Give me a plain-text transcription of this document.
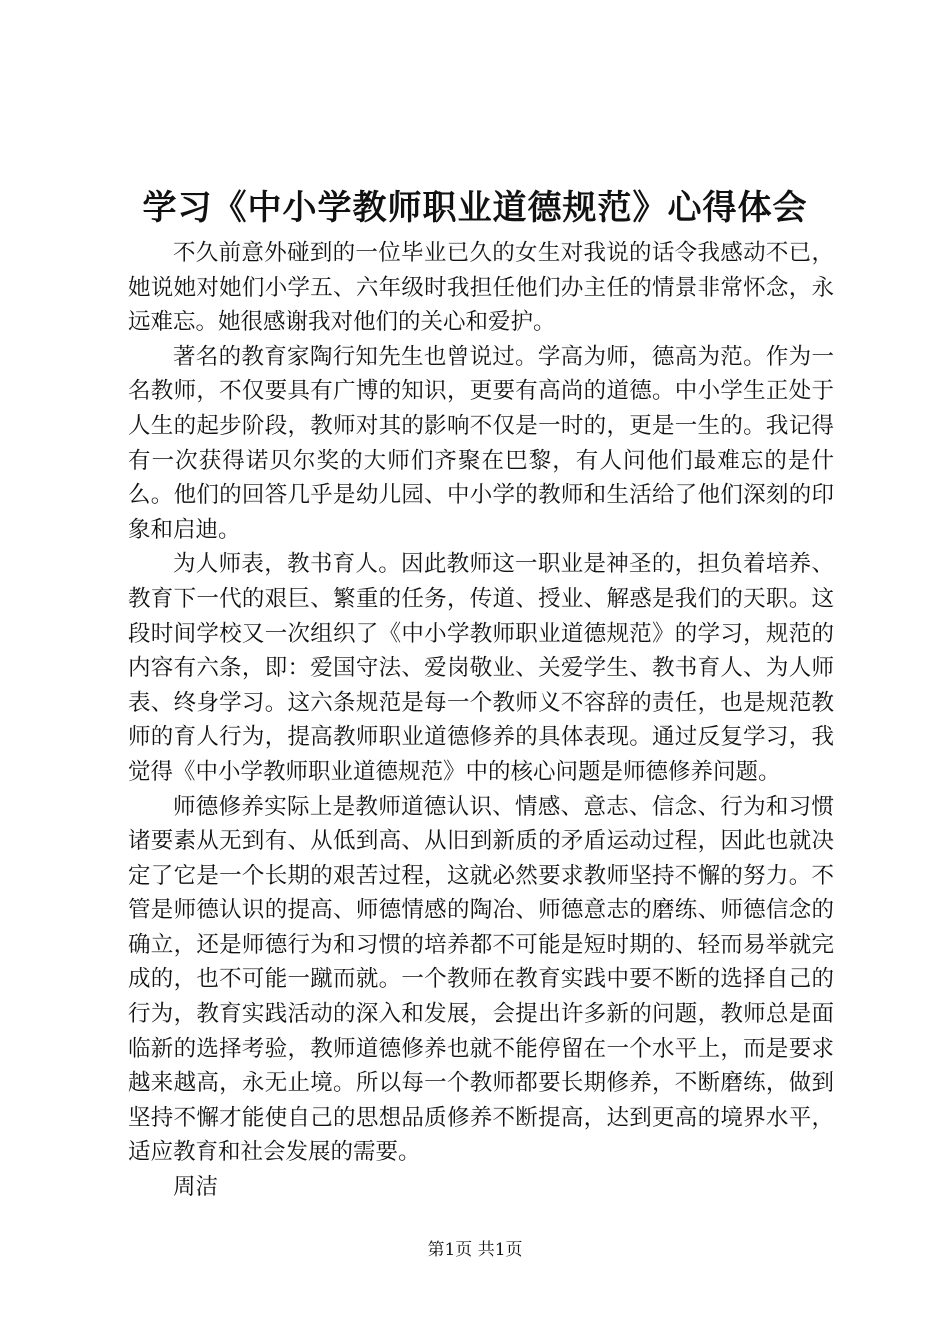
学习《中小学教师职业道德规范》心得体会

不久前意外碰到的一位毕业已久的女生对我说的话令我感动不已，她说她对她们小学五、六年级时我担任他们办主任的情景非常怀念，永远难忘。她很感谢我对他们的关心和爱护。

著名的教育家陶行知先生也曾说过。学高为师，德高为范。作为一名教师，不仅要具有广博的知识，更要有高尚的道德。中小学生正处于人生的起步阶段，教师对其的影响不仅是一时的，更是一生的。我记得有一次获得诺贝尔奖的大师们齐聚在巴黎，有人问他们最难忘的是什么。他们的回答几乎是幼儿园、中小学的教师和生活给了他们深刻的印象和启迪。

为人师表，教书育人。因此教师这一职业是神圣的，担负着培养、教育下一代的艰巨、繁重的任务，传道、授业、解惑是我们的天职。这段时间学校又一次组织了《中小学教师职业道德规范》的学习，规范的内容有六条，即：爱国守法、爱岗敬业、关爱学生、教书育人、为人师表、终身学习。这六条规范是每一个教师义不容辞的责任，也是规范教师的育人行为，提高教师职业道德修养的具体表现。通过反复学习，我觉得《中小学教师职业道德规范》中的核心问题是师德修养问题。

师德修养实际上是教师道德认识、情感、意志、信念、行为和习惯诸要素从无到有、从低到高、从旧到新质的矛盾运动过程，因此也就决定了它是一个长期的艰苦过程，这就必然要求教师坚持不懈的努力。不管是师德认识的提高、师德情感的陶冶、师德意志的磨练、师德信念的确立，还是师德行为和习惯的培养都不可能是短时期的、轻而易举就完成的，也不可能一蹴而就。一个教师在教育实践中要不断的选择自己的行为，教育实践活动的深入和发展，会提出许多新的问题，教师总是面临新的选择考验，教师道德修养也就不能停留在一个水平上，而是要求越来越高，永无止境。所以每一个教师都要长期修养，不断磨练，做到坚持不懈才能使自己的思想品质修养不断提高，达到更高的境界水平，适应教育和社会发展的需要。

周洁

第1页 共1页
